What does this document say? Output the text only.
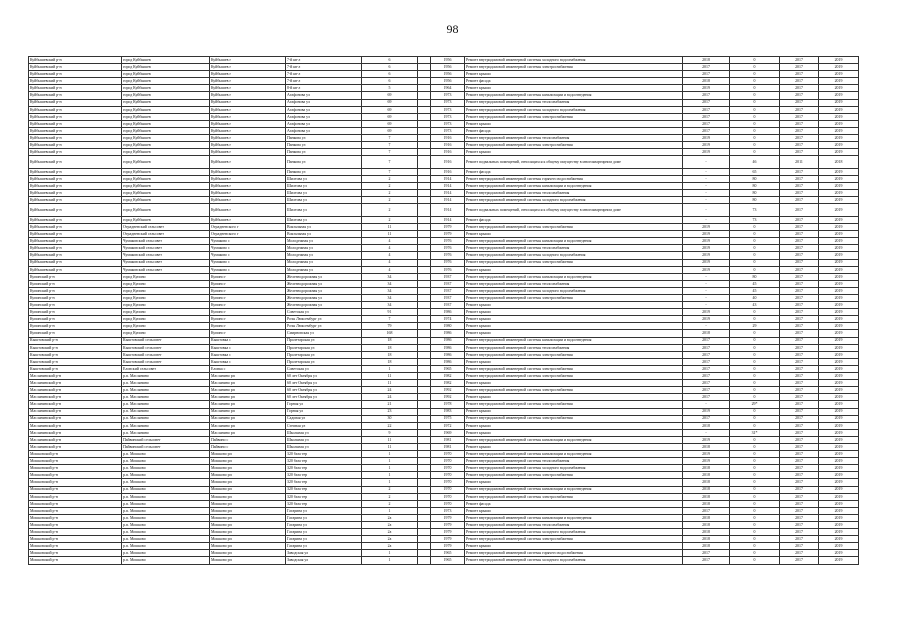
98
Куйбышевский р-н	город Куйбышев	Куйбышев г	7-й кв-л	6		1956	Ремонт внутридомовой инженерной системы холодного водоснабжения	2018	0	2017	2019
Куйбышевский р-н	город Куйбышев	Куйбышев г	7-й кв-л	6		1956	Ремонт внутридомовой инженерной системы электроснабжения	2017	0	2017	2019
Куйбышевский р-н	город Куйбышев	Куйбышев г	7-й кв-л	6		1956	Ремонт крыши	2017	0	2017	2019
Куйбышевский р-н	город Куйбышев	Куйбышев г	7-й кв-л	6		1956	Ремонт фасада	2018	0	2017	2019
Куйбышевский р-н	город Куйбышев	Куйбышев г	8-й кв-л	5		1964	Ремонт крыши	2019	0	2017	2019
Куйбышевский р-н	город Куйбышев	Куйбышев г	Агафонова ул	69		1973	Ремонт внутридомовой инженерной системы канализации и водоотведения	2017	0	2017	2019
Куйбышевский р-н	город Куйбышев	Куйбышев г	Агафонова ул	69		1973	Ремонт внутридомовой инженерной системы теплоснабжения	2017	0	2017	2019
Куйбышевский р-н	город Куйбышев	Куйбышев г	Агафонова ул	69		1973	Ремонт внутридомовой инженерной системы холодного водоснабжения	2017	0	2017	2019
Куйбышевский р-н	город Куйбышев	Куйбышев г	Агафонова ул	69		1973	Ремонт внутридомовой инженерной системы электроснабжения	2017	0	2017	2019
Куйбышевский р-н	город Куйбышев	Куйбышев г	Агафонова ул	69		1973	Ремонт крыши	2017	0	2017	2019
Куйбышевский р-н	город Куйбышев	Куйбышев г	Агафонова ул	69		1973	Ремонт фасада	2017	0	2017	2019
Куйбышевский р-н	город Куйбышев	Куйбышев г	Панкова ул	7		1916	Ремонт внутридомовой инженерной системы теплоснабжения	2019	0	2017	2019
Куйбышевский р-н	город Куйбышев	Куйбышев г	Панкова ул	7		1916	Ремонт внутридомовой инженерной системы электроснабжения	2019	0	2017	2019
Куйбышевский р-н	город Куйбышев	Куйбышев г	Панкова ул	7		1916	Ремонт крыши	2019	0	2017	2019
Куйбышевский р-н	город Куйбышев	Куйбышев г	Панкова ул	7		1916	Ремонт подвальных помещений, относящихся к общему имуществу в многоквартирном доме	-	46	2011	2018
Куйбышевский р-н	город Куйбышев	Куйбышев г	Панкова ул	7		1916	Ремонт фасада	-	65	2017	2019
Куйбышевский р-н	город Куйбышев	Куйбышев г	Шилтова ул	2		1914	Ремонт внутридомовой инженерной системы горячего водоснабжения	-	80	2017	2019
Куйбышевский р-н	город Куйбышев	Куйбышев г	Шилтова ул	2		1914	Ремонт внутридомовой инженерной системы канализации и водоотведения	-	80	2017	2019
Куйбышевский р-н	город Куйбышев	Куйбышев г	Шилтова ул	2		1914	Ремонт внутридомовой инженерной системы теплоснабжения	-	80	2017	2019
Куйбышевский р-н	город Куйбышев	Куйбышев г	Шилтова ул	2		1914	Ремонт внутридомовой инженерной системы холодного водоснабжения	-	80	2017	2019
Куйбышевский р-н	город Куйбышев	Куйбышев г	Шилтова ул	2		1914	Ремонт подвальных помещений, относящихся к общему имуществу в многоквартирном доме	-	73	2017	2019
Куйбышевский р-н	город Куйбышев	Куйбышев г	Шилтова ул	2		1914	Ремонт фасада	-	73	2017	2019
Куйбышевский р-н	Отрадненский сельсовет	Отрадненского г	Вокзальная ул	11		1979	Ремонт внутридомовой инженерной системы электроснабжения	2019	0	2017	2019
Куйбышевский р-н	Отрадненский сельсовет	Отрадненского г	Вокзальная ул	11		1979	Ремонт крыши	2019	0	2017	2019
Куйбышевский р-н	Чумаковский сельсовет	Чумаково с	Молодежная ул	4		1976	Ремонт внутридомовой инженерной системы канализации и водоотведения	2019	0	2017	2019
Куйбышевский р-н	Чумаковский сельсовет	Чумаково с	Молодежная ул	4		1976	Ремонт внутридомовой инженерной системы теплоснабжения	2019	0	2017	2019
Куйбышевский р-н	Чумаковский сельсовет	Чумаково с	Молодежная ул	4		1976	Ремонт внутридомовой инженерной системы холодного водоснабжения	2019	0	2017	2019
Куйбышевский р-н	Чумаковский сельсовет	Чумаково с	Молодежная ул	4		1976	Ремонт внутридомовой инженерной системы электроснабжения	2019	0	2017	2019
Куйбышевский р-н	Чумаковский сельсовет	Чумаково с	Молодежная ул	4		1976	Ремонт крыши	2019	0	2017	2019
Купинский р-н	город Купино	Купино г	Железнодорожная ул	34		1937	Ремонт внутридомовой инженерной системы канализации и водоотведения	-	80	2017	2019
Купинский р-н	город Купино	Купино г	Железнодорожная ул	34		1937	Ремонт внутридомовой инженерной системы теплоснабжения	-	45	2017	2019
Купинский р-н	город Купино	Купино г	Железнодорожная ул	34		1937	Ремонт внутридомовой инженерной системы холодного водоснабжения	-	45	2017	2019
Купинский р-н	город Купино	Купино г	Железнодорожная ул	34		1937	Ремонт внутридомовой инженерной системы электроснабжения	-	40	2017	2019
Купинский р-н	город Купино	Купино г	Железнодорожная ул	34		1937	Ремонт крыши	-	43	2017	2019
Купинский р-н	город Купино	Купино г	Советская ул	91		1986	Ремонт крыши	2019	0	2017	2019
Купинский р-н	город Купино	Купино г	Розы Люксембург ул	7		1974	Ремонт крыши	2019	0	2017	2019
Купинский р-н	город Купино	Купино г	Розы Люксембург ул	79		1980	Ремонт крыши	-	29	2017	2019
Купинский р-н	город Купино	Купино г	Смирновская ул	168		1986	Ремонт крыши	2018	0	2017	2019
Кыштовский р-н	Кыштовский сельсовет	Кыштовка с	Пролетарская ул	18		1986	Ремонт внутридомовой инженерной системы канализации и водоотведения	2017	0	2017	2019
Кыштовский р-н	Кыштовский сельсовет	Кыштовка с	Пролетарская ул	18		1986	Ремонт внутридомовой инженерной системы теплоснабжения	2017	0	2017	2019
Кыштовский р-н	Кыштовский сельсовет	Кыштовка с	Пролетарская ул	18		1986	Ремонт внутридомовой инженерной системы электроснабжения	2017	0	2017	2019
Кыштовский р-н	Кыштовский сельсовет	Кыштовка с	Пролетарская ул	18		1986	Ремонт крыши	2017	0	2017	2019
Кыштовский р-н	Еловский сельсовет	Еловка с	Советская ул	1		1965	Ремонт внутридомовой инженерной системы электроснабжения	2017	0	2017	2019
Маслянинский р-н	р.п. Маслянино	Маслянино рп	60 лет Октября ул	11		1982	Ремонт внутридомовой инженерной системы электроснабжения	2017	0	2017	2019
Маслянинский р-н	р.п. Маслянино	Маслянино рп	60 лет Октября ул	11		1982	Ремонт крыши	2017	0	2017	2019
Маслянинский р-н	р.п. Маслянино	Маслянино рп	60 лет Октября ул	24		1992	Ремонт внутридомовой инженерной системы электроснабжения	2017	0	2017	2019
Маслянинский р-н	р.п. Маслянино	Маслянино рп	60 лет Октября ул	24		1992	Ремонт крыши	2017	0	2017	2019
Маслянинский р-н	р.п. Маслянино	Маслянино рп	Горная ул	21		1978	Ремонт внутридомовой инженерной системы электроснабжения	-	29*	2017	2019
Маслянинский р-н	р.п. Маслянино	Маслянино рп	Горная ул	23		1983	Ремонт крыши	2019	0	2017	2019
Маслянинский р-н	р.п. Маслянино	Маслянино рп	Садовая ул	30		1975	Ремонт внутридомовой инженерной системы электроснабжения	2017	0	2017	2019
Маслянинский р-н	р.п. Маслянино	Маслянино рп	Степная ул	22		1972	Ремонт крыши	2018	0	2017	2019
Маслянинский р-н	р.п. Маслянино	Маслянино рп	Школьная ул	9		1969	Ремонт крыши	-	31*	2017	2019
Маслянинский р-н	Пайвинский сельсовет	Пайвино с	Школьная ул	11		1981	Ремонт внутридомовой инженерной системы канализации и водоотведения	2019	0	2017	2019
Маслянинский р-н	Пайвинский сельсовет	Пайвино с	Школьная ул	11		1981	Ремонт крыши	2018	0	2017	2019
Мошковский р-н	р.п. Мошково	Мошково рп	320 база тер	1		1970	Ремонт внутридомовой инженерной системы канализации и водоотведения	2019	0	2017	2019
Мошковский р-н	р.п. Мошково	Мошково рп	320 база тер	1		1970	Ремонт внутридомовой инженерной системы теплоснабжения	2019	0	2017	2019
Мошковский р-н	р.п. Мошково	Мошково рп	320 база тер	1		1970	Ремонт внутридомовой инженерной системы холодного водоснабжения	2018	0	2017	2019
Мошковский р-н	р.п. Мошково	Мошково рп	320 база тер	1		1970	Ремонт внутридомовой инженерной системы электроснабжения	2018	0	2017	2019
Мошковский р-н	р.п. Мошково	Мошково рп	320 база тер	1		1970	Ремонт крыши	2018	0	2017	2019
Мошковский р-н	р.п. Мошково	Мошково рп	320 база тер	2		1970	Ремонт внутридомовой инженерной системы канализации и водоотведения	2018	0	2017	2019
Мошковский р-н	р.п. Мошково	Мошково рп	320 база тер	2		1970	Ремонт внутридомовой инженерной системы электроснабжения	2018	0	2017	2019
Мошковский р-н	р.п. Мошково	Мошково рп	320 база тер	2		1970	Ремонт фасада	2018	0	2017	2019
Мошковский р-н	р.п. Мошково	Мошково рп	Гагарина ул	1		1973	Ремонт крыши	2017	0	2017	2019
Мошковский р-н	р.п. Мошково	Мошково рп	Гагарина ул	2а		1979	Ремонт внутридомовой инженерной системы канализации и водоотведения	2018	0	2017	2019
Мошковский р-н	р.п. Мошково	Мошково рп	Гагарина ул	2а		1979	Ремонт внутридомовой инженерной системы теплоснабжения	2018	0	2017	2019
Мошковский р-н	р.п. Мошково	Мошково рп	Гагарина ул	2а		1979	Ремонт внутридомовой инженерной системы холодного водоснабжения	2018	0	2017	2019
Мошковский р-н	р.п. Мошково	Мошково рп	Гагарина ул	2а		1979	Ремонт внутридомовой инженерной системы электроснабжения	2018	0	2017	2019
Мошковский р-н	р.п. Мошково	Мошково рп	Гагарина ул	2а		1979	Ремонт крыши	2018	0	2017	2019
Мошковский р-н	р.п. Мошково	Мошково рп	Заводская ул	1		1965	Ремонт внутридомовой инженерной системы горячего водоснабжения	2017	0	2017	2019
Мошковский р-н	р.п. Мошково	Мошково рп	Заводская ул	1		1965	Ремонт внутридомовой инженерной системы холодного водоснабжения	2017	0	2017	2019
